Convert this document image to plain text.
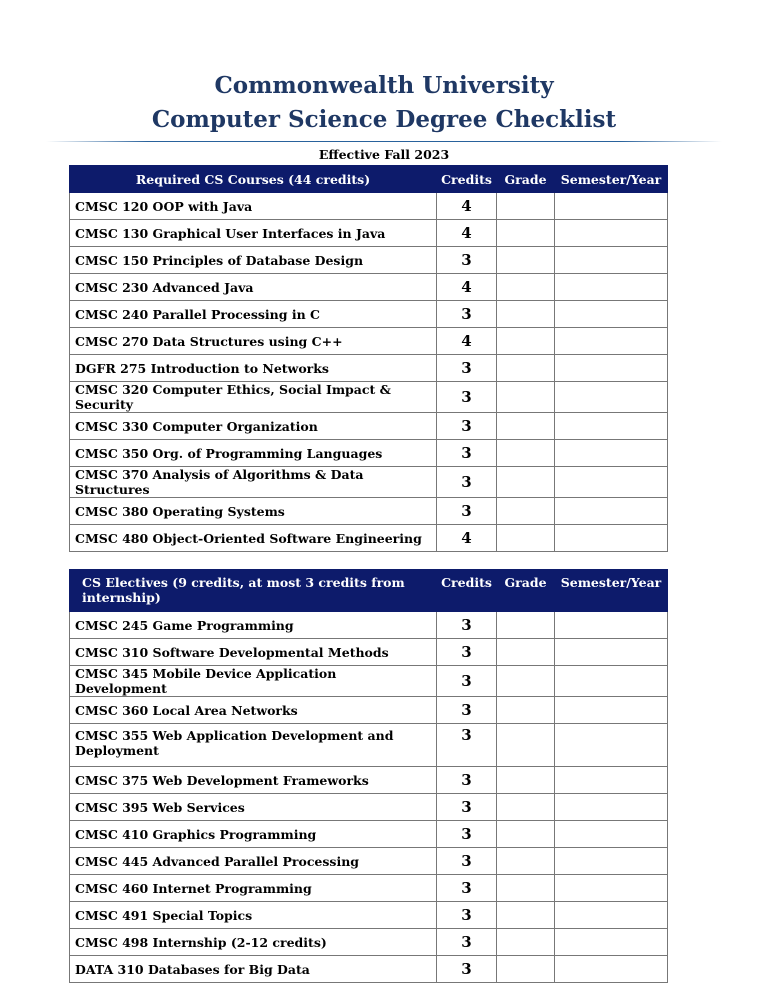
Commonwealth University
Computer Science Degree Checklist
Effective Fall 2023
Required CS Courses (44 credits)	Credits	Grade	Semester/Year
CMSC 120 OOP with Java	4		
CMSC 130 Graphical User Interfaces in Java	4		
CMSC 150 Principles of Database Design	3		
CMSC 230 Advanced Java	4		
CMSC 240 Parallel Processing in C	3		
CMSC 270 Data Structures using C++	4		
DGFR 275 Introduction to Networks	3		
CMSC 320 Computer Ethics, Social Impact & Security	3		
CMSC 330 Computer Organization	3		
CMSC 350 Org. of Programming Languages	3		
CMSC 370 Analysis of Algorithms & Data Structures	3		
CMSC 380 Operating Systems	3		
CMSC 480 Object-Oriented Software Engineering	4		
CS Electives (9 credits, at most 3 credits from internship)	Credits	Grade	Semester/Year
CMSC 245 Game Programming	3		
CMSC 310 Software Developmental Methods	3		
CMSC 345 Mobile Device Application Development	3		
CMSC 360 Local Area Networks	3		
CMSC 355 Web Application Development and Deployment	3		
CMSC 375 Web Development Frameworks	3		
CMSC 395 Web Services	3		
CMSC 410 Graphics Programming	3		
CMSC 445 Advanced Parallel Processing	3		
CMSC 460 Internet Programming	3		
CMSC 491 Special Topics	3		
CMSC 498 Internship (2-12 credits)	3		
DATA 310 Databases for Big Data	3		
